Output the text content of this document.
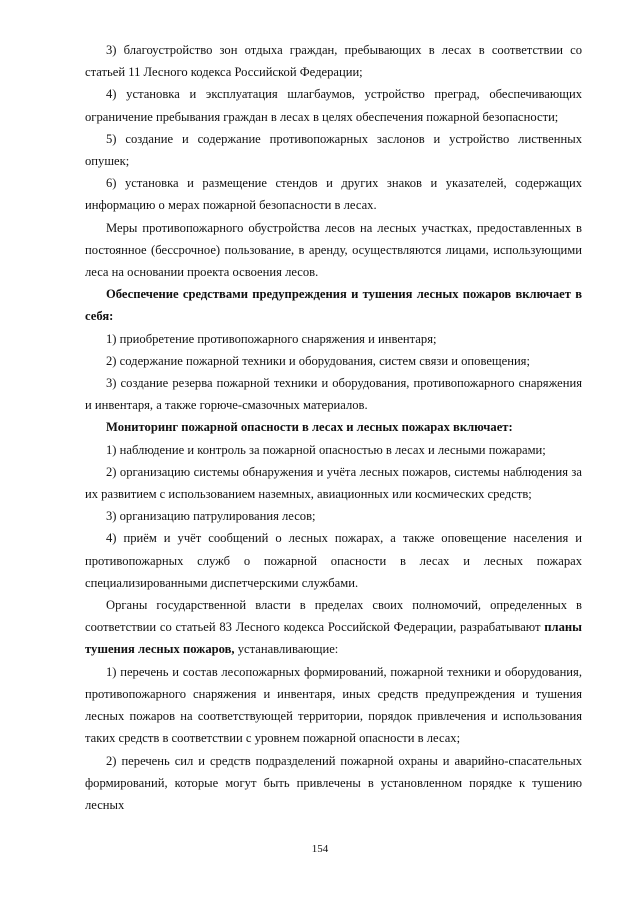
3) благоустройство зон отдыха граждан, пребывающих в лесах в соответствии со статьей 11 Лесного кодекса Российской Федерации;

4) установка и эксплуатация шлагбаумов, устройство преград, обеспечивающих ограничение пребывания граждан в лесах в целях обеспечения пожарной безопасности;

5) создание и содержание противопожарных заслонов и устройство лиственных опушек;

6) установка и размещение стендов и других знаков и указателей, содержащих информацию о мерах пожарной безопасности в лесах.

Меры противопожарного обустройства лесов на лесных участках, предоставленных в постоянное (бессрочное) пользование, в аренду, осуществляются лицами, использующими леса на основании проекта освоения лесов.

Обеспечение средствами предупреждения и тушения лесных пожаров включает в себя:

1) приобретение противопожарного снаряжения и инвентаря;

2) содержание пожарной техники и оборудования, систем связи и оповещения;

3) создание резерва пожарной техники и оборудования, противопожарного снаряжения и инвентаря, а также горюче-смазочных материалов.

Мониторинг пожарной опасности в лесах и лесных пожарах включает:

1) наблюдение и контроль за пожарной опасностью в лесах и лесными пожарами;

2) организацию системы обнаружения и учёта лесных пожаров, системы наблюдения за их развитием с использованием наземных, авиационных или космических средств;

3) организацию патрулирования лесов;

4) приём и учёт сообщений о лесных пожарах, а также оповещение населения и противопожарных служб о пожарной опасности в лесах и лесных пожарах специализированными диспетчерскими службами.

Органы государственной власти в пределах своих полномочий, определенных в соответствии со статьей 83 Лесного кодекса Российской Федерации, разрабатывают планы тушения лесных пожаров, устанавливающие:

1) перечень и состав лесопожарных формирований, пожарной техники и оборудования, противопожарного снаряжения и инвентаря, иных средств предупреждения и тушения лесных пожаров на соответствующей территории, порядок привлечения и использования таких средств в соответствии с уровнем пожарной опасности в лесах;

2) перечень сил и средств подразделений пожарной охраны и аварийно-спасательных формирований, которые могут быть привлечены в установленном порядке к тушению лесных

154
